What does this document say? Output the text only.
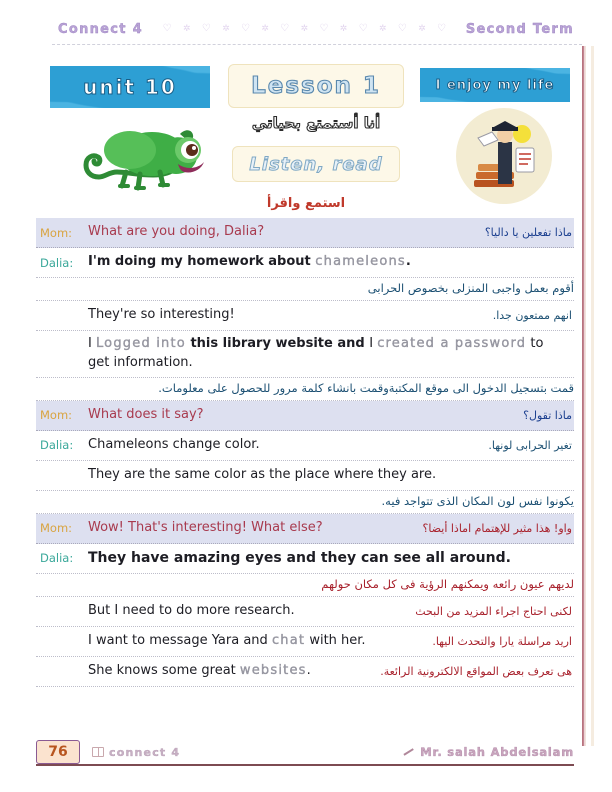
Connect 4 ♡ ✲ ♡ ✲ ♡ ✲ ♡ ✲ ♡ ✲ ♡ ✲ ♡ ✲ ♡ Second Term
unit 10	Lesson 1
أنا أستمتع بحياتي
Listen, read
I enjoy my life
استمع واقرأ
Mom:	What are you doing, Dalia?	ماذا تفعلين يا داليا؟
Dalia:	I'm doing my homework about chameleons.
أقوم بعمل واجبى المنزلى بخصوص الحرابى
They're so interesting!	انهم ممتعون جدا.
I Logged into this library website and I created a password to get information.
قمت بتسجيل الدخول الى موقع المكتبةوقمت بانشاء كلمة مرور للحصول على معلومات.
Mom:	What does it say?	ماذا تقول؟
Dalia:	Chameleons change color.	تغير الحرابى لونها.
They are the same color as the place where they are.
يكونوا نفس لون المكان الذى تتواجد فيه.
Mom:	Wow! That's interesting! What else?	واو! هذا مثير للإهتمام اماذا أيضا؟
Dalia:	They have amazing eyes and they can see all around.
لديهم عيون رائعه ويمكنهم الرؤية فى كل مكان حولهم
But I need to do more research.	لكنى احتاج اجراء المزيد من البحث
I want to message Yara and chat with her.	اريد مراسلة يارا والتحدث اليها.
She knows some great websites.	هى تعرف بعض المواقع الالكترونية الرائعة.
76	connect 4	Mr. salah Abdelsalam
